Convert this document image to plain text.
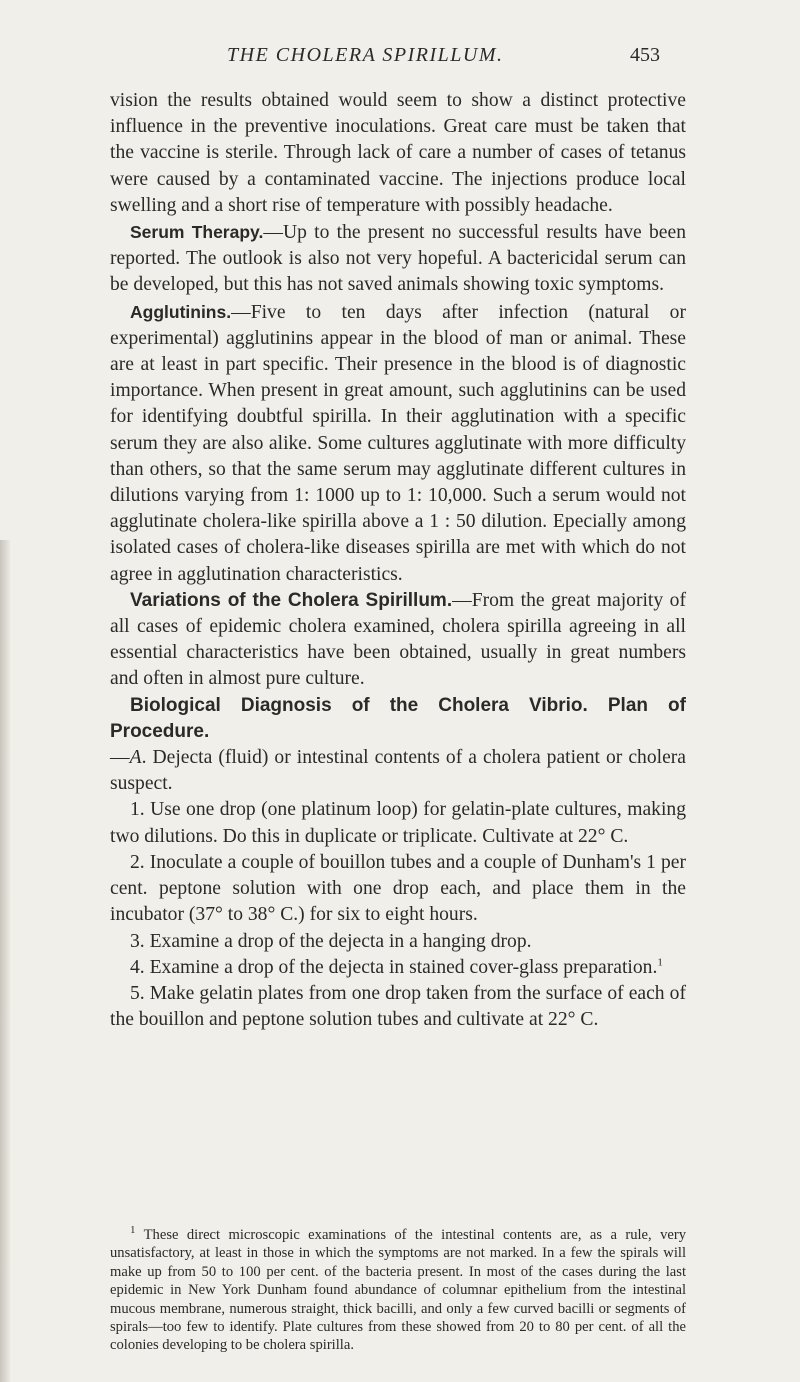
THE CHOLERA SPIRILLUM.	453

vision the results obtained would seem to show a distinct protective influence in the preventive inoculations. Great care must be taken that the vaccine is sterile. Through lack of care a number of cases of tetanus were caused by a contaminated vaccine. The injections produce local swelling and a short rise of temperature with possibly headache.

Serum Therapy.—Up to the present no successful results have been reported. The outlook is also not very hopeful. A bactericidal serum can be developed, but this has not saved animals showing toxic symptoms.

Agglutinins.—Five to ten days after infection (natural or experimental) agglutinins appear in the blood of man or animal. These are at least in part specific. Their presence in the blood is of diagnostic importance. When present in great amount, such agglutinins can be used for identifying doubtful spirilla. In their agglutination with a specific serum they are also alike. Some cultures agglutinate with more difficulty than others, so that the same serum may agglutinate different cultures in dilutions varying from 1: 1000 up to 1: 10,000. Such a serum would not agglutinate cholera-like spirilla above a 1 : 50 dilution. Epecially among isolated cases of cholera-like diseases spirilla are met with which do not agree in agglutination characteristics.

Variations of the Cholera Spirillum.—From the great majority of all cases of epidemic cholera examined, cholera spirilla agreeing in all essential characteristics have been obtained, usually in great numbers and often in almost pure culture.

Biological Diagnosis of the Cholera Vibrio. Plan of Procedure.
—A. Dejecta (fluid) or intestinal contents of a cholera patient or cholera suspect.

1. Use one drop (one platinum loop) for gelatin-plate cultures, making two dilutions. Do this in duplicate or triplicate. Cultivate at 22° C.

2. Inoculate a couple of bouillon tubes and a couple of Dunham's 1 per cent. peptone solution with one drop each, and place them in the incubator (37° to 38° C.) for six to eight hours.

3. Examine a drop of the dejecta in a hanging drop.

4. Examine a drop of the dejecta in stained cover-glass preparation.$^1$

5. Make gelatin plates from one drop taken from the surface of each of the bouillon and peptone solution tubes and cultivate at 22° C.

$^1$ These direct microscopic examinations of the intestinal contents are, as a rule, very unsatisfactory, at least in those in which the symptoms are not marked. In a few the spirals will make up from 50 to 100 per cent. of the bacteria present. In most of the cases during the last epidemic in New York Dunham found abundance of columnar epithelium from the intestinal mucous membrane, numerous straight, thick bacilli, and only a few curved bacilli or segments of spirals—too few to identify. Plate cultures from these showed from 20 to 80 per cent. of all the colonies developing to be cholera spirilla.
